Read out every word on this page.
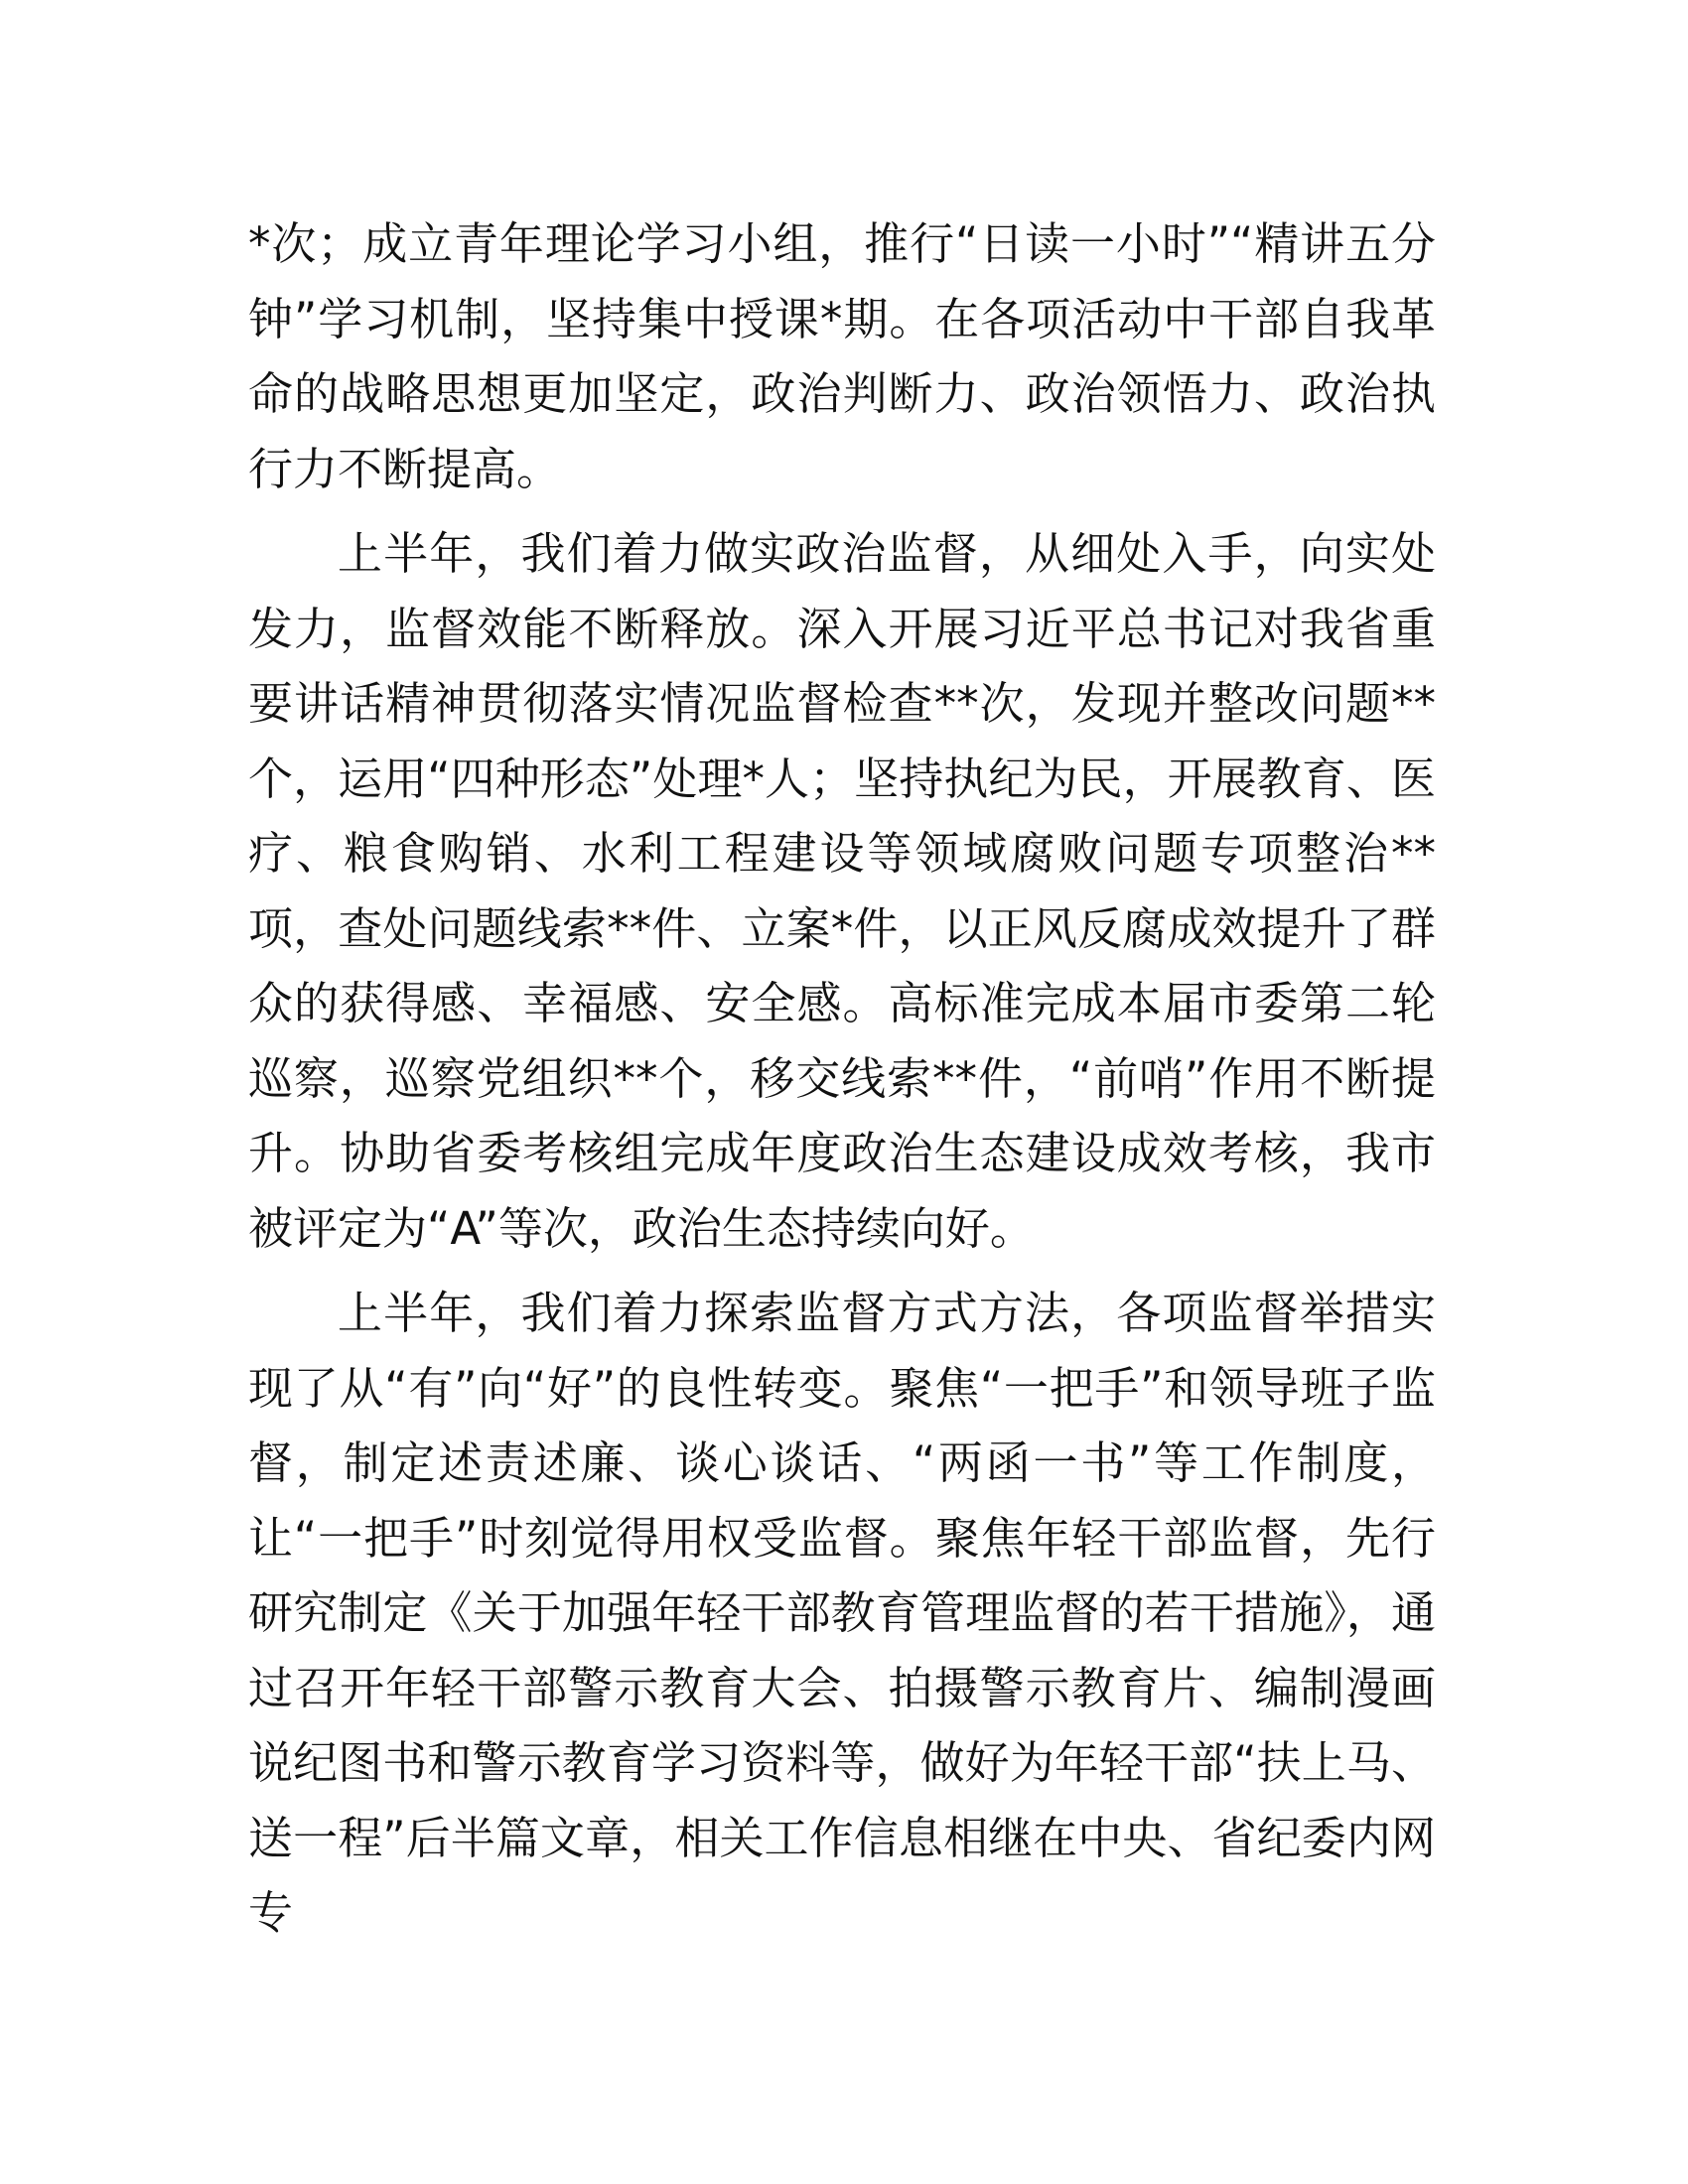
*次；成立青年理论学习小组，推行“日读一小时”“精讲五分钟”学习机制，坚持集中授课*期。在各项活动中干部自我革命的战略思想更加坚定，政治判断力、政治领悟力、政治执行力不断提高。

上半年，我们着力做实政治监督，从细处入手，向实处发力，监督效能不断释放。深入开展习近平总书记对我省重要讲话精神贯彻落实情况监督检查**次，发现并整改问题**个，运用“四种形态”处理*人；坚持执纪为民，开展教育、医疗、粮食购销、水利工程建设等领域腐败问题专项整治**项，查处问题线索**件、立案*件，以正风反腐成效提升了群众的获得感、幸福感、安全感。高标准完成本届市委第二轮巡察，巡察党组织**个，移交线索**件，“前哨”作用不断提升。协助省委考核组完成年度政治生态建设成效考核，我市被评定为“A”等次，政治生态持续向好。

上半年，我们着力探索监督方式方法，各项监督举措实现了从“有”向“好”的良性转变。聚焦“一把手”和领导班子监督，制定述责述廉、谈心谈话、“两函一书”等工作制度，让“一把手”时刻觉得用权受监督。聚焦年轻干部监督，先行研究制定《关于加强年轻干部教育管理监督的若干措施》，通过召开年轻干部警示教育大会、拍摄警示教育片、编制漫画说纪图书和警示教育学习资料等，做好为年轻干部“扶上马、送一程”后半篇文章，相关工作信息相继在中央、省纪委内网专
